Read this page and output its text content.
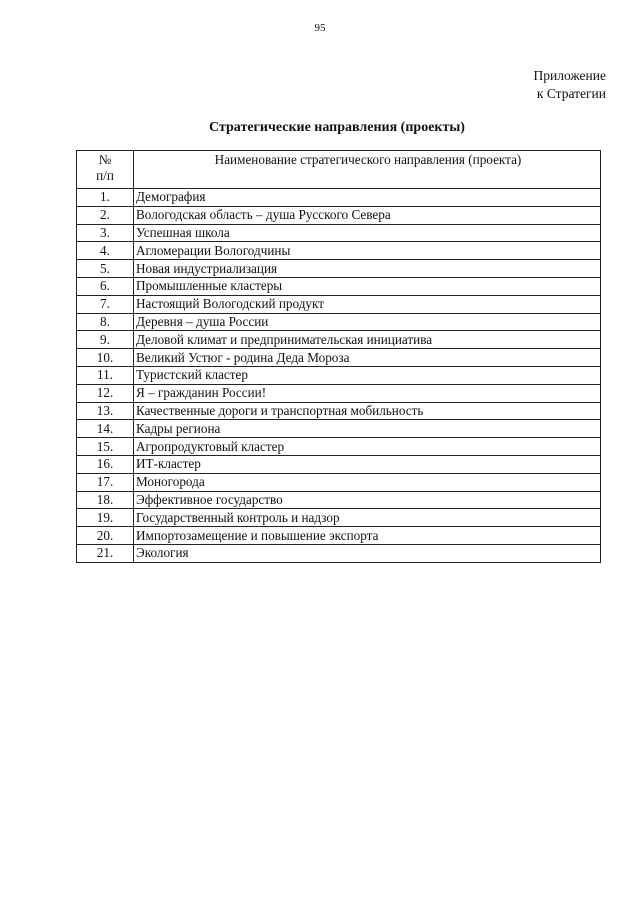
95
Приложение
к Стратегии
Стратегические направления (проекты)
№
п/п	Наименование стратегического направления (проекта)
1.	Демография
2.	Вологодская область – душа Русского Севера
3.	Успешная школа
4.	Агломерации Вологодчины
5.	Новая индустриализация
6.	Промышленные кластеры
7.	Настоящий Вологодский продукт
8.	Деревня – душа России
9.	Деловой климат и предпринимательская инициатива
10.	Великий Устюг - родина Деда Мороза
11.	Туристский кластер
12.	Я – гражданин России!
13.	Качественные дороги и транспортная мобильность
14.	Кадры региона
15.	Агропродуктовый кластер
16.	ИТ-кластер
17.	Моногорода
18.	Эффективное государство
19.	Государственный контроль и надзор
20.	Импортозамещение и повышение экспорта
21.	Экология
